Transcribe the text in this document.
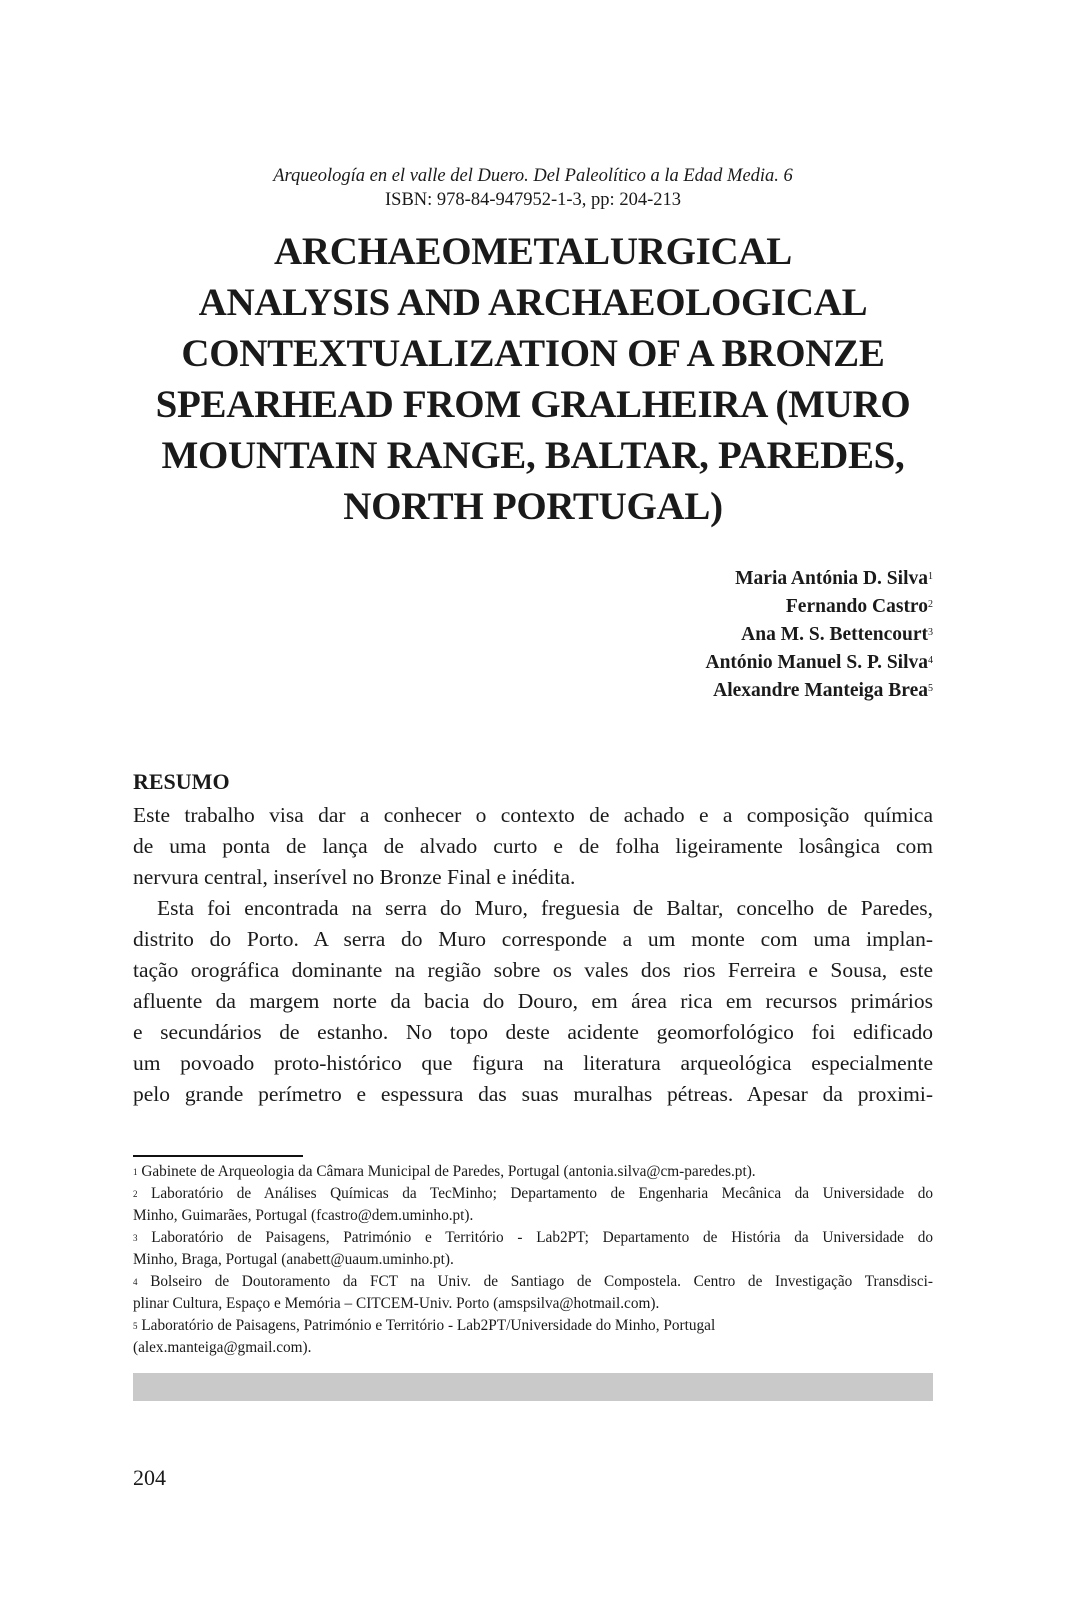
Arqueología en el valle del Duero. Del Paleolítico a la Edad Media. 6
ISBN: 978-84-947952-1-3, pp: 204-213
ARCHAEOMETALURGICAL
ANALYSIS AND ARCHAEOLOGICAL
CONTEXTUALIZATION OF A BRONZE
SPEARHEAD FROM GRALHEIRA (MURO
MOUNTAIN RANGE, BALTAR, PAREDES,
NORTH PORTUGAL)
Maria Antónia D. Silva$^1$
Fernando Castro$^2$
Ana M. S. Bettencourt$^3$
António Manuel S. P. Silva$^4$
Alexandre Manteiga Brea$^5$
RESUMO
Este trabalho visa dar a conhecer o contexto de achado e a composição química
de uma ponta de lança de alvado curto e de folha ligeiramente losângica com
nervura central, inserível no Bronze Final e inédita.
Esta foi encontrada na serra do Muro, freguesia de Baltar, concelho de Paredes,
distrito do Porto. A serra do Muro corresponde a um monte com uma implan-
tação orográfica dominante na região sobre os vales dos rios Ferreira e Sousa, este
afluente da margem norte da bacia do Douro, em área rica em recursos primários
e secundários de estanho. No topo deste acidente geomorfológico foi edificado
um povoado proto-histórico que figura na literatura arqueológica especialmente
pelo grande perímetro e espessura das suas muralhas pétreas. Apesar da proximi-
$^1$ Gabinete de Arqueologia da Câmara Municipal de Paredes, Portugal (antonia.silva@cm-paredes.pt).
$^2$ Laboratório de Análises Químicas da TecMinho; Departamento de Engenharia Mecânica da Universidade do
Minho, Guimarães, Portugal (fcastro@dem.uminho.pt).
$^3$ Laboratório de Paisagens, Património e Território - Lab2PT; Departamento de História da Universidade do
Minho, Braga, Portugal (anabett@uaum.uminho.pt).
$^4$ Bolseiro de Doutoramento da FCT na Univ. de Santiago de Compostela. Centro de Investigação Transdisci-
plinar Cultura, Espaço e Memória – CITCEM-Univ. Porto (amspsilva@hotmail.com).
$^5$ Laboratório de Paisagens, Património e Território - Lab2PT/Universidade do Minho, Portugal
(alex.manteiga@gmail.com).
204
